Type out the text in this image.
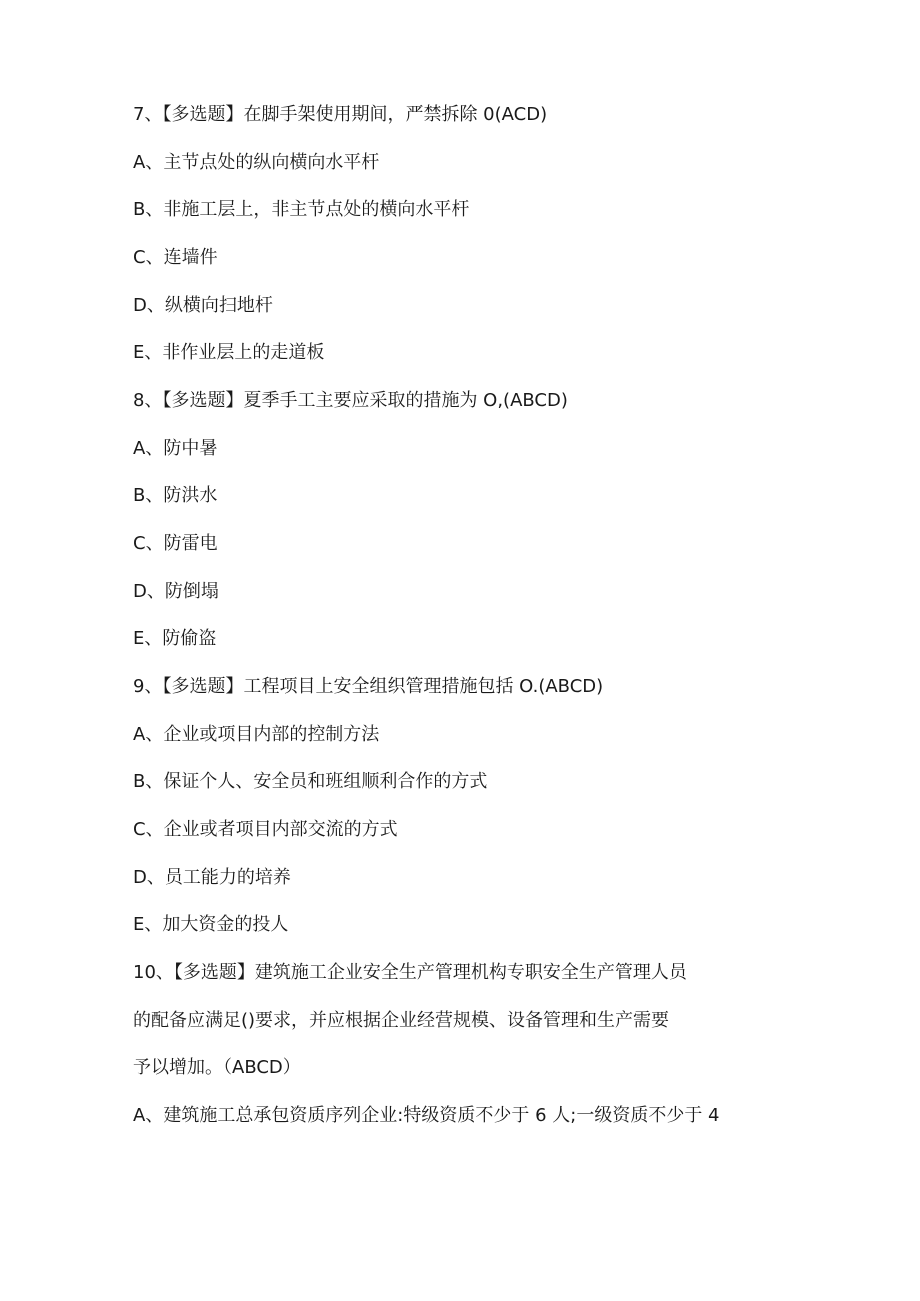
7、【多选题】在脚手架使用期间，严禁拆除 0(ACD)
A、主节点处的纵向横向水平杆
B、非施工层上，非主节点处的横向水平杆
C、连墙件
D、纵横向扫地杆
E、非作业层上的走道板
8、【多选题】夏季手工主要应采取的措施为 O,(ABCD)
A、防中暑
B、防洪水
C、防雷电
D、防倒塌
E、防偷盗
9、【多选题】工程项目上安全组织管理措施包括 O.(ABCD)
A、企业或项目内部的控制方法
B、保证个人、安全员和班组顺利合作的方式
C、企业或者项目内部交流的方式
D、员工能力的培养
E、加大资金的投人
10、【多选题】建筑施工企业安全生产管理机构专职安全生产管理人员
的配备应满足()要求，并应根据企业经营规模、设备管理和生产需要
予以增加。（ABCD）
A、建筑施工总承包资质序列企业:特级资质不少于 6 人;一级资质不少于 4
